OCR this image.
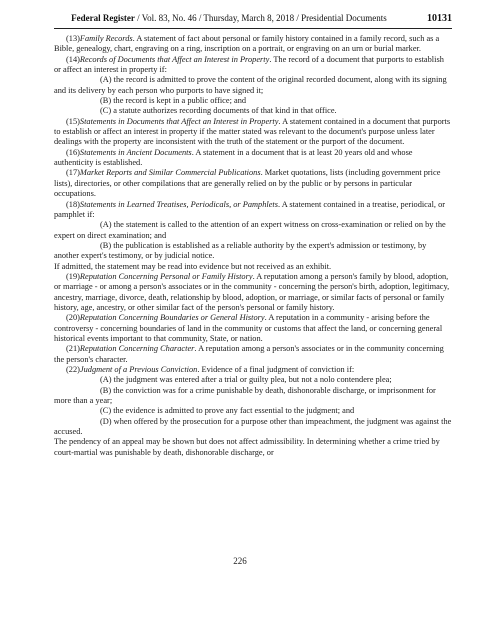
Federal Register / Vol. 83, No. 46 / Thursday, March 8, 2018 / Presidential Documents	10131

(13)Family Records. A statement of fact about personal or family history contained in a family record, such as a Bible, genealogy, chart, engraving on a ring, inscription on a portrait, or engraving on an urn or burial marker.

(14)Records of Documents that Affect an Interest in Property. The record of a document that purports to establish or affect an interest in property if:

(A) the record is admitted to prove the content of the original recorded document, along with its signing and its delivery by each person who purports to have signed it;

(B) the record is kept in a public office; and

(C) a statute authorizes recording documents of that kind in that office.

(15)Statements in Documents that Affect an Interest in Property. A statement contained in a document that purports to establish or affect an interest in property if the matter stated was relevant to the document's purpose unless later dealings with the property are inconsistent with the truth of the statement or the purport of the document.

(16)Statements in Ancient Documents. A statement in a document that is at least 20 years old and whose authenticity is established.

(17)Market Reports and Similar Commercial Publications. Market quotations, lists (including government price lists), directories, or other compilations that are generally relied on by the public or by persons in particular occupations.

(18)Statements in Learned Treatises, Periodicals, or Pamphlets. A statement contained in a treatise, periodical, or pamphlet if:

(A) the statement is called to the attention of an expert witness on cross-examination or relied on by the expert on direct examination; and

(B) the publication is established as a reliable authority by the expert's admission or testimony, by another expert's testimony, or by judicial notice.

If admitted, the statement may be read into evidence but not received as an exhibit.

(19)Reputation Concerning Personal or Family History. A reputation among a person's family by blood, adoption, or marriage - or among a person's associates or in the community - concerning the person's birth, adoption, legitimacy, ancestry, marriage, divorce, death, relationship by blood, adoption, or marriage, or similar facts of personal or family history, age, ancestry, or other similar fact of the person's personal or family history.

(20)Reputation Concerning Boundaries or General History. A reputation in a community - arising before the controversy - concerning boundaries of land in the community or customs that affect the land, or concerning general historical events important to that community, State, or nation.

(21)Reputation Concerning Character. A reputation among a person's associates or in the community concerning the person's character.

(22)Judgment of a Previous Conviction. Evidence of a final judgment of conviction if:

(A) the judgment was entered after a trial or guilty plea, but not a nolo contendere plea;

(B) the conviction was for a crime punishable by death, dishonorable discharge, or imprisonment for more than a year;

(C) the evidence is admitted to prove any fact essential to the judgment; and

(D) when offered by the prosecution for a purpose other than impeachment, the judgment was against the accused.

The pendency of an appeal may be shown but does not affect admissibility. In determining whether a crime tried by court-martial was punishable by death, dishonorable discharge, or

226
